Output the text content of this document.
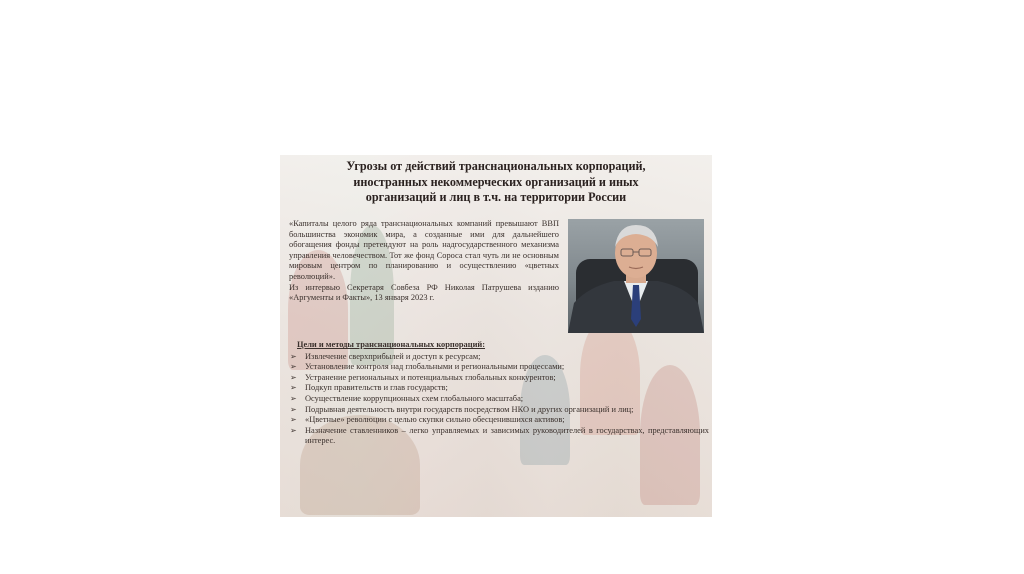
Угрозы от действий транснациональных корпораций,
иностранных некоммерческих организаций и иных
организаций и лиц в т.ч. на территории России

«Капиталы целого ряда транснациональных компаний превышают ВВП большинства экономик мира, а созданные ими для дальнейшего обогащения фонды претендуют на роль надгосударственного механизма управления человечеством. Тот же фонд Сороса стал чуть ли не основным мировым центром по планированию и осуществлению «цветных революций».

Из интервью Секретаря Совбеза РФ Николая Патрушева изданию «Аргументы и Факты», 13 января 2023 г.

Цели и методы транснациональных корпораций:
➢ Извлечение сверхприбылей и доступ к ресурсам;
➢ Установление контроля над глобальными и региональными процессами;
➢ Устранение региональных и потенциальных глобальных конкурентов;
➢ Подкуп правительств и глав государств;
➢ Осуществление коррупционных схем глобального масштаба;
➢ Подрывная деятельность внутри государств посредством НКО и других организаций и лиц;
➢ «Цветные» революции с целью скупки сильно обесценившихся активов;
➢ Назначение ставленников – легко управляемых и зависимых руководителей в государствах, представляющих интерес.
